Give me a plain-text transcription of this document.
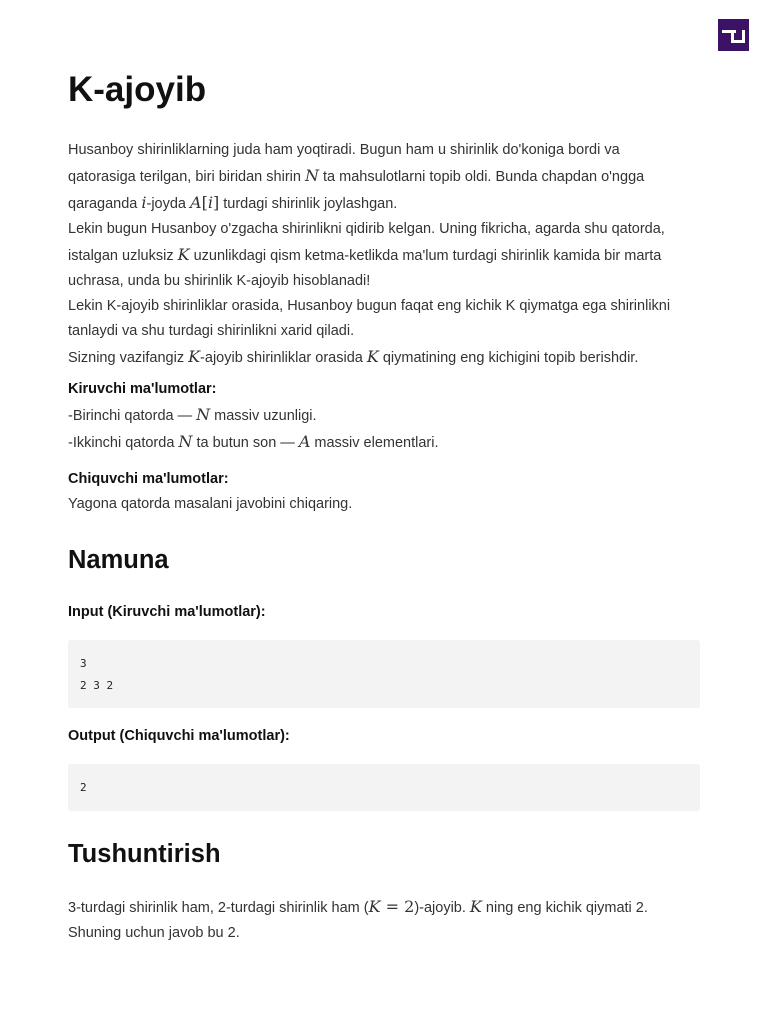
K-ajoyib
Husanboy shirinliklarning juda ham yoqtiradi. Bugun ham u shirinlik do'koniga bordi va
qatorasiga terilgan, biri biridan shirin N ta mahsulotlarni topib oldi. Bunda chapdan o'ngga
qaraganda i-joyda A[i] turdagi shirinlik joylashgan.
Lekin bugun Husanboy o'zgacha shirinlikni qidirib kelgan. Uning fikricha, agarda shu qatorda,
istalgan uzluksiz K uzunlikdagi qism ketma-ketlikda ma'lum turdagi shirinlik kamida bir marta
uchrasa, unda bu shirinlik K-ajoyib hisoblanadi!
Lekin K-ajoyib shirinliklar orasida, Husanboy bugun faqat eng kichik K qiymatga ega shirinlikni
tanlaydi va shu turdagi shirinlikni xarid qiladi.
Sizning vazifangiz K-ajoyib shirinliklar orasida K qiymatining eng kichigini topib berishdir.
Kiruvchi ma'lumotlar:
-Birinchi qatorda — N massiv uzunligi.
-Ikkinchi qatorda N ta butun son — A massiv elementlari.
Chiquvchi ma'lumotlar:
Yagona qatorda masalani javobini chiqaring.
Namuna
Input (Kiruvchi ma'lumotlar):
3
2 3 2
Output (Chiquvchi ma'lumotlar):
2
Tushuntirish
3-turdagi shirinlik ham, 2-turdagi shirinlik ham (K = 2)-ajoyib. K ning eng kichik qiymati 2.
Shuning uchun javob bu 2.
